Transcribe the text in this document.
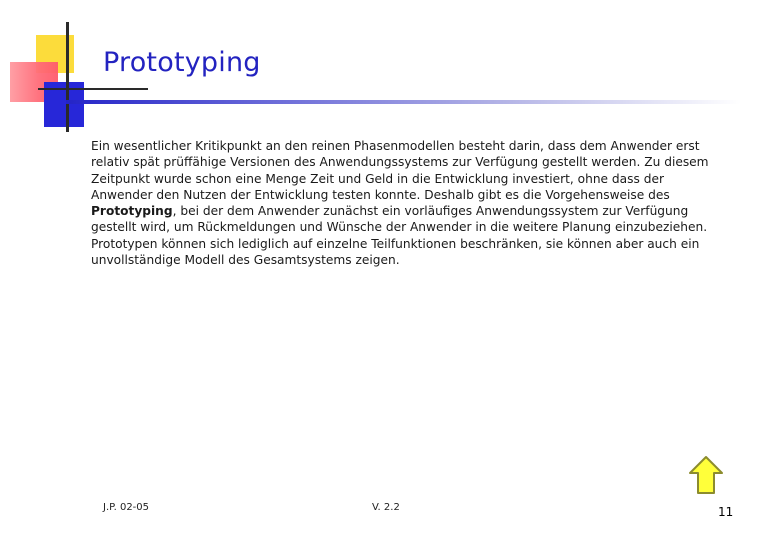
Prototyping
Ein wesentlicher Kritikpunkt an den reinen Phasenmodellen besteht darin, dass dem Anwender erst relativ spät prüffähige Versionen des Anwendungssystems zur Verfügung gestellt werden. Zu diesem Zeitpunkt wurde schon eine Menge Zeit und Geld in die Entwicklung investiert, ohne dass der Anwender den Nutzen der Entwicklung testen konnte. Deshalb gibt es die Vorgehensweise des Prototyping, bei der dem Anwender zunächst ein vorläufiges Anwendungssystem zur Verfügung gestellt wird, um Rückmeldungen und Wünsche der Anwender in die weitere Planung einzubeziehen. Prototypen können sich lediglich auf einzelne Teilfunktionen beschränken, sie können aber auch ein unvollständige Modell des Gesamtsystems zeigen.
J.P. 02-05	V. 2.2	11
